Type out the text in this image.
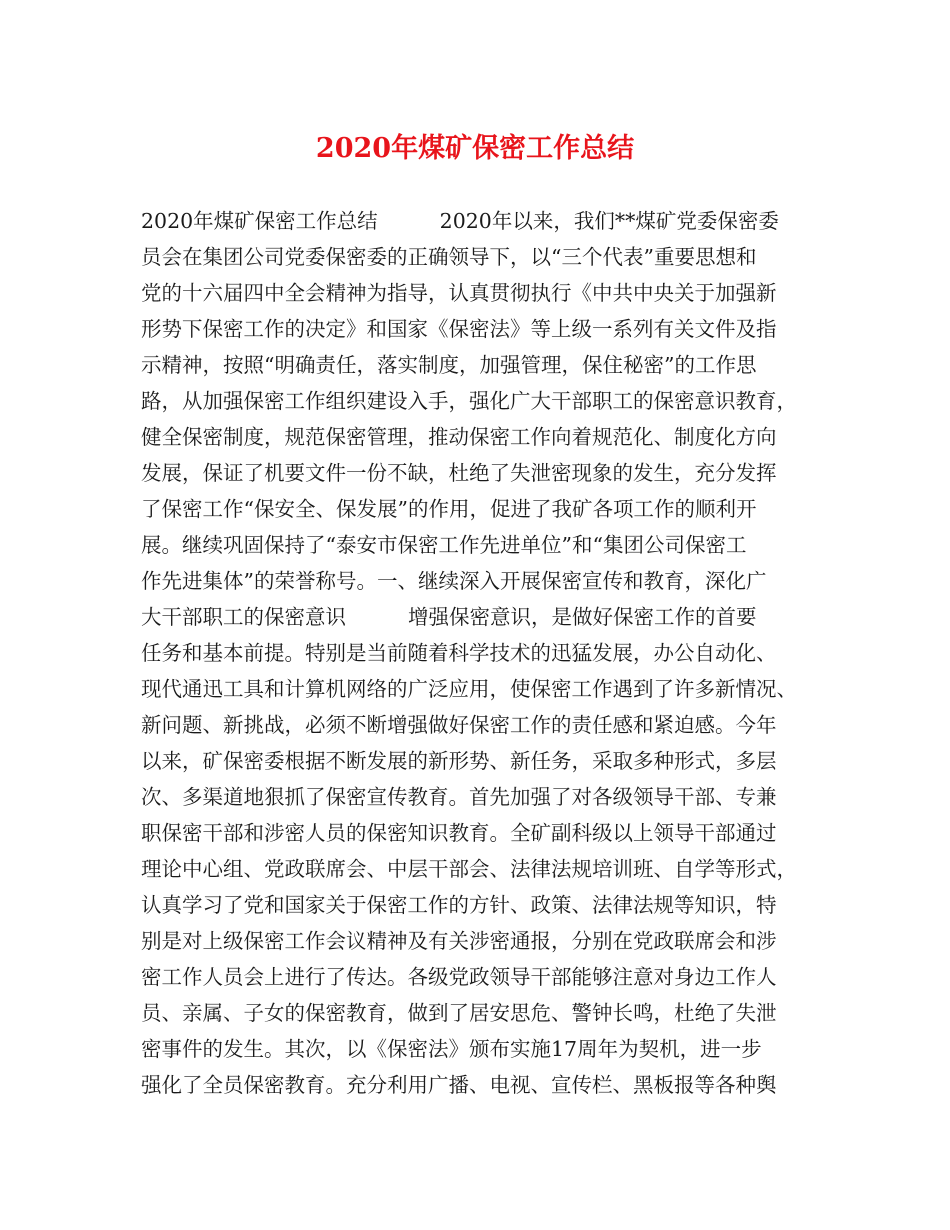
2020年煤矿保密工作总结
2020年煤矿保密工作总结	2020年以来，我们**煤矿党委保密委
员会在集团公司党委保密委的正确领导下，以“三个代表”重要思想和
党的十六届四中全会精神为指导，认真贯彻执行《中共中央关于加强新
形势下保密工作的决定》和国家《保密法》等上级一系列有关文件及指
示精神，按照“明确责任，落实制度，加强管理，保住秘密”的工作思
路，从加强保密工作组织建设入手，强化广大干部职工的保密意识教育，
健全保密制度，规范保密管理，推动保密工作向着规范化、制度化方向
发展，保证了机要文件一份不缺，杜绝了失泄密现象的发生，充分发挥
了保密工作“保安全、保发展”的作用，促进了我矿各项工作的顺利开
展。继续巩固保持了“泰安市保密工作先进单位”和“集团公司保密工
作先进集体”的荣誉称号。一、继续深入开展保密宣传和教育，深化广
大干部职工的保密意识	增强保密意识，是做好保密工作的首要
任务和基本前提。特别是当前随着科学技术的迅猛发展，办公自动化、
现代通迅工具和计算机网络的广泛应用，使保密工作遇到了许多新情况、
新问题、新挑战，必须不断增强做好保密工作的责任感和紧迫感。今年
以来，矿保密委根据不断发展的新形势、新任务，采取多种形式，多层
次、多渠道地狠抓了保密宣传教育。首先加强了对各级领导干部、专兼
职保密干部和涉密人员的保密知识教育。全矿副科级以上领导干部通过
理论中心组、党政联席会、中层干部会、法律法规培训班、自学等形式，
认真学习了党和国家关于保密工作的方针、政策、法律法规等知识，特
别是对上级保密工作会议精神及有关涉密通报，分别在党政联席会和涉
密工作人员会上进行了传达。各级党政领导干部能够注意对身边工作人
员、亲属、子女的保密教育，做到了居安思危、警钟长鸣，杜绝了失泄
密事件的发生。其次，以《保密法》颁布实施17周年为契机，进一步
强化了全员保密教育。充分利用广播、电视、宣传栏、黑板报等各种舆
